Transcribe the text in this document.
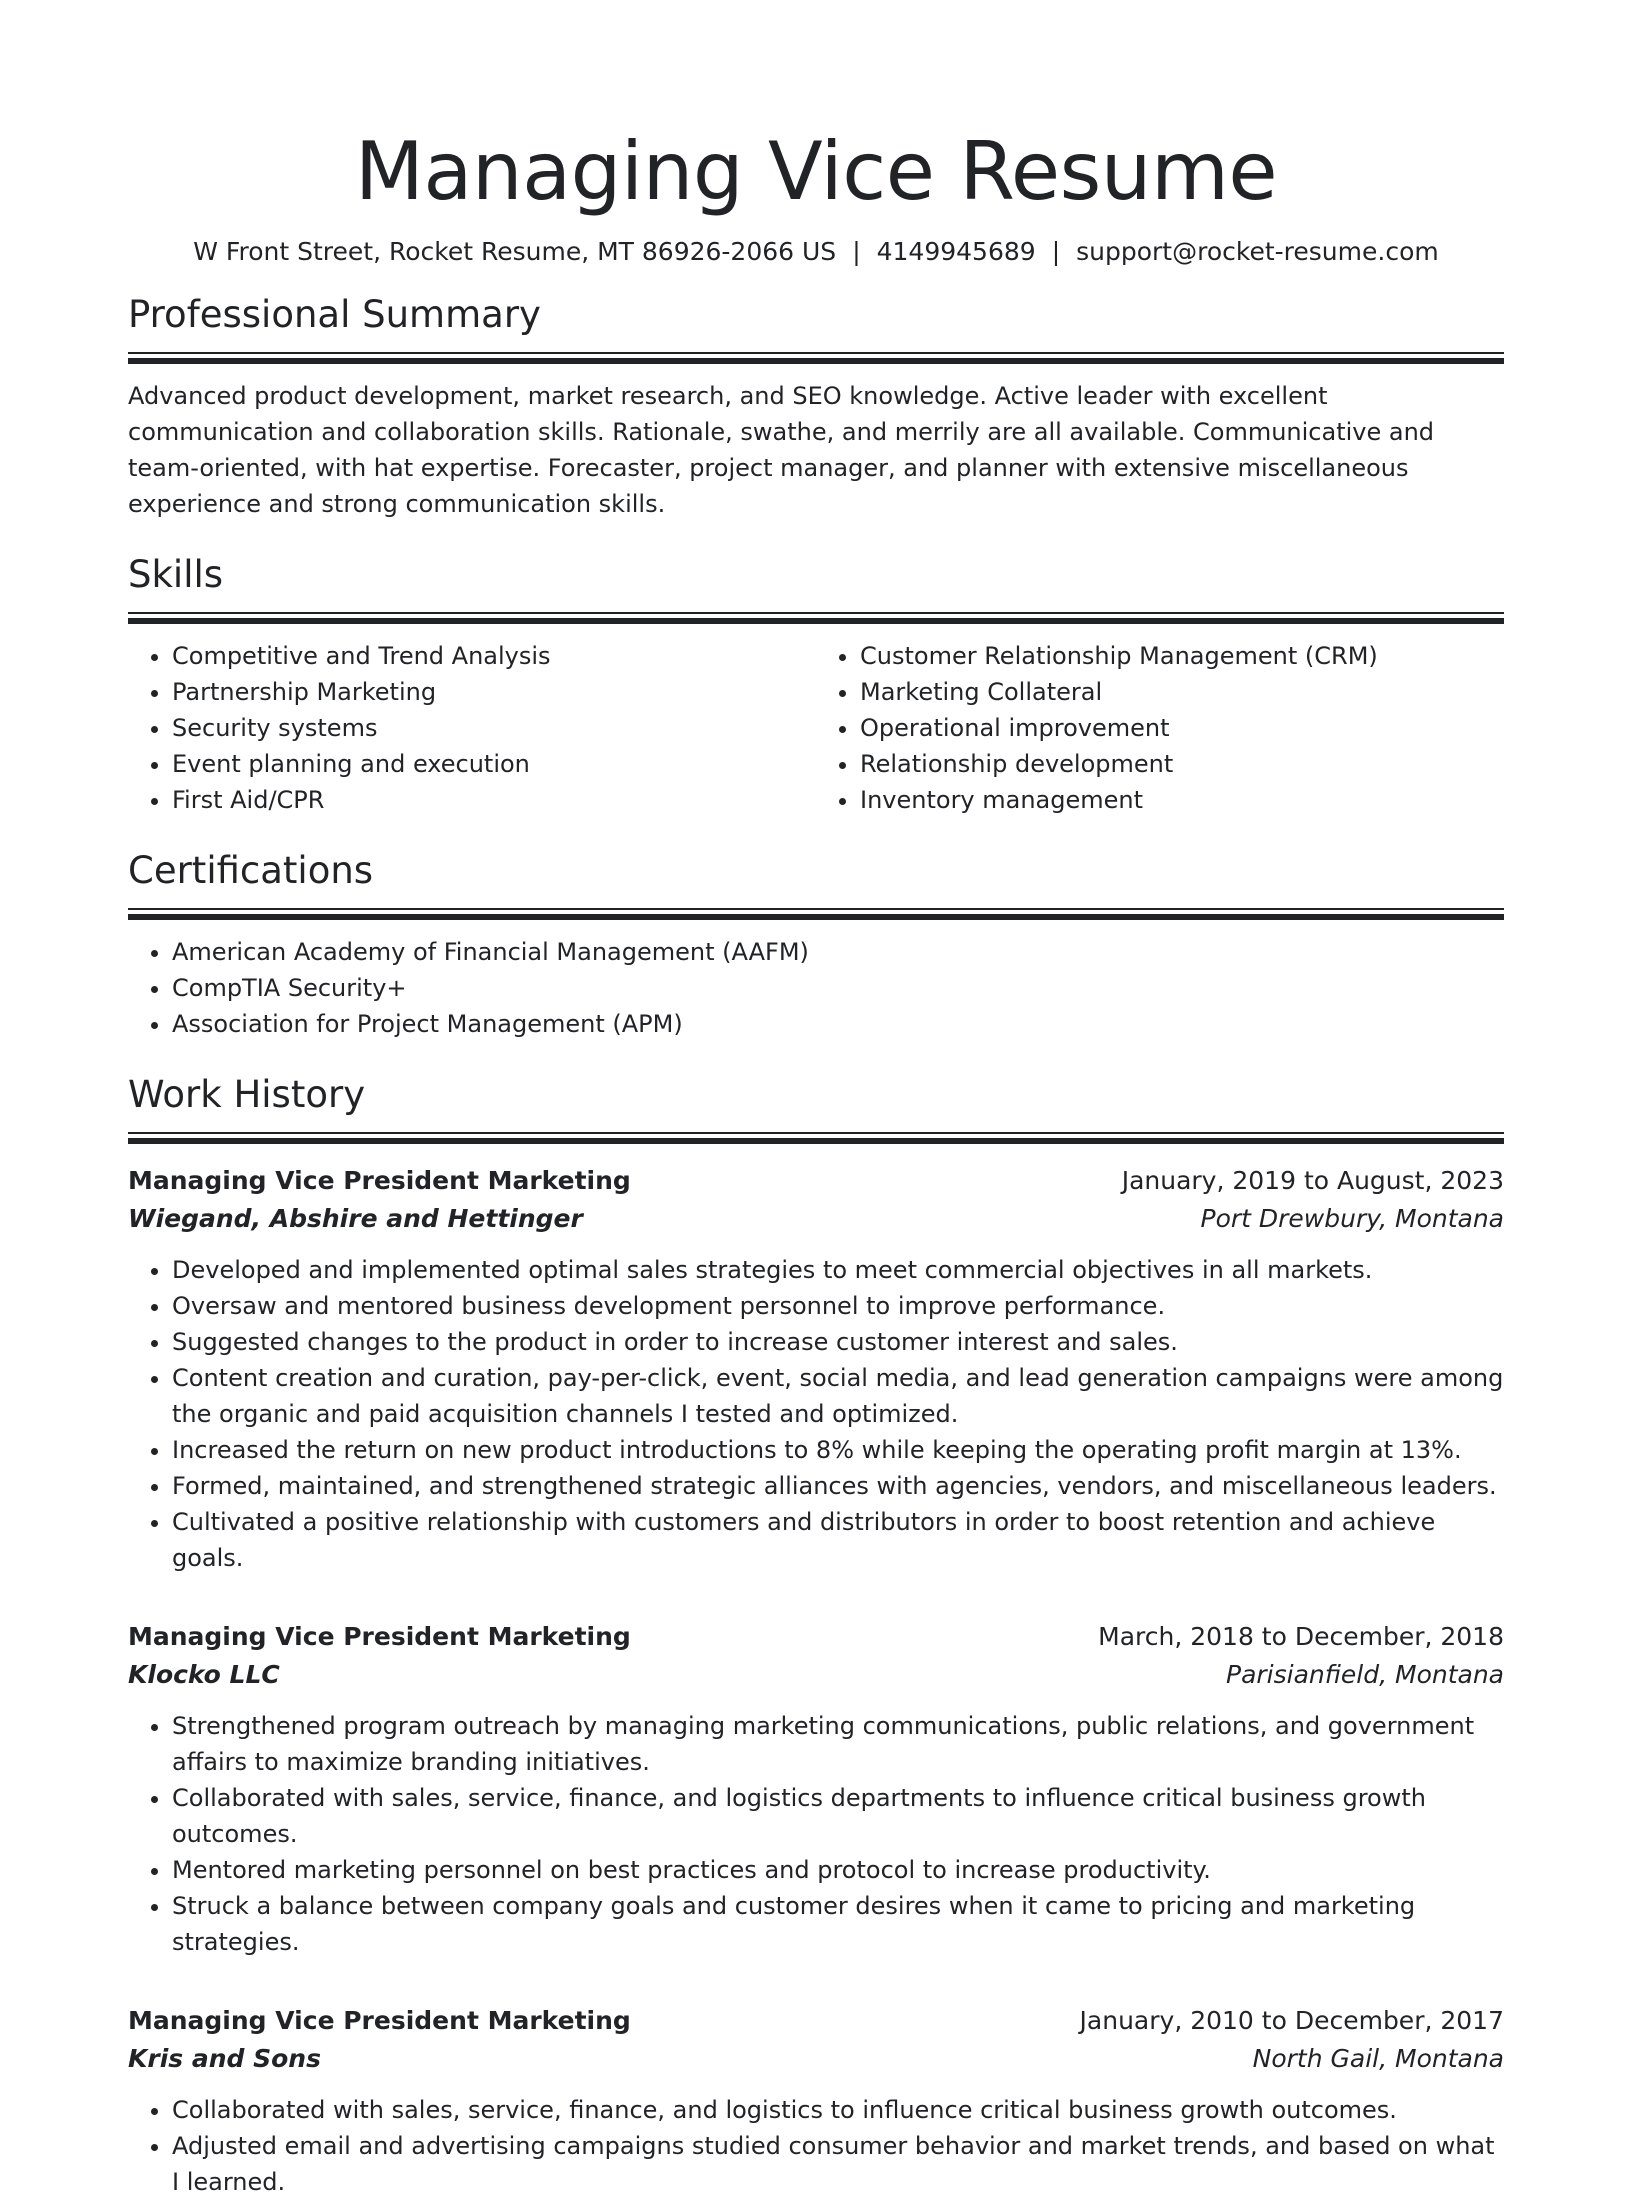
Managing Vice Resume
W Front Street, Rocket Resume, MT 86926-2066 US | 4149945689 | support@rocket-resume.com
Professional Summary

Advanced product development, market research, and SEO knowledge. Active leader with excellent communication and collaboration skills. Rationale, swathe, and merrily are all available. Communicative and team-oriented, with hat expertise. Forecaster, project manager, and planner with extensive miscellaneous experience and strong communication skills.

Skills
• Competitive and Trend Analysis
• Partnership Marketing
• Security systems
• Event planning and execution
• First Aid/CPR
• Customer Relationship Management (CRM)
• Marketing Collateral
• Operational improvement
• Relationship development
• Inventory management
Certifications
• American Academy of Financial Management (AAFM)
• CompTIA Security+
• Association for Project Management (APM)
Work History
Managing Vice President Marketing	January, 2019 to August, 2023
Wiegand, Abshire and Hettinger	Port Drewbury, Montana
• Developed and implemented optimal sales strategies to meet commercial objectives in all markets.
• Oversaw and mentored business development personnel to improve performance.
• Suggested changes to the product in order to increase customer interest and sales.
• Content creation and curation, pay-per-click, event, social media, and lead generation campaigns were among the organic and paid acquisition channels I tested and optimized.
• Increased the return on new product introductions to 8% while keeping the operating profit margin at 13%.
• Formed, maintained, and strengthened strategic alliances with agencies, vendors, and miscellaneous leaders.
• Cultivated a positive relationship with customers and distributors in order to boost retention and achieve goals.
Managing Vice President Marketing	March, 2018 to December, 2018
Klocko LLC	Parisianfield, Montana
• Strengthened program outreach by managing marketing communications, public relations, and government affairs to maximize branding initiatives.
• Collaborated with sales, service, finance, and logistics departments to influence critical business growth outcomes.
• Mentored marketing personnel on best practices and protocol to increase productivity.
• Struck a balance between company goals and customer desires when it came to pricing and marketing strategies.
Managing Vice President Marketing	January, 2010 to December, 2017
Kris and Sons	North Gail, Montana
• Collaborated with sales, service, finance, and logistics to influence critical business growth outcomes.
• Adjusted email and advertising campaigns studied consumer behavior and market trends, and based on what I learned.
